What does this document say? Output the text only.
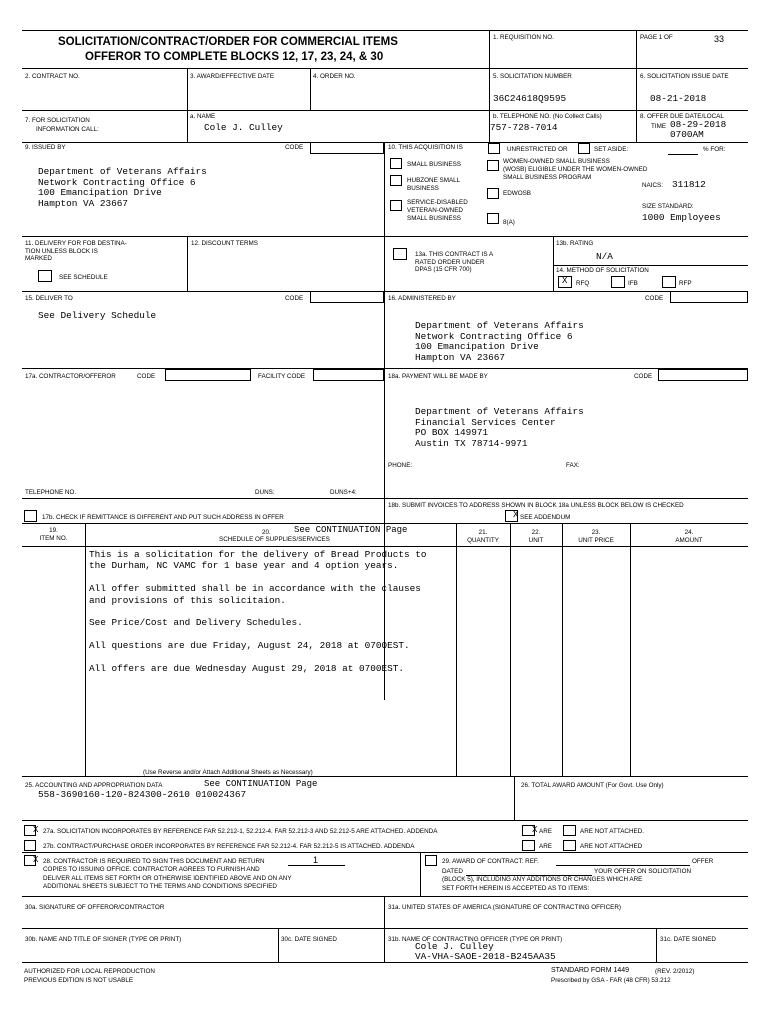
SOLICITATION/CONTRACT/ORDER FOR COMMERCIAL ITEMS
OFFEROR TO COMPLETE BLOCKS 12, 17, 23, 24, & 30
1. REQUISITION NO.	PAGE 1 OF	33
2. CONTRACT NO.	3. AWARD/EFFECTIVE DATE	4. ORDER NO.	5. SOLICITATION NUMBER
36C24618Q9595
6. SOLICITATION ISSUE DATE
08-21-2018
7. FOR SOLICITATION
INFORMATION CALL:
a. NAME
Cole J. Culley
b. TELEPHONE NO. (No Collect Calls)
757-728-7014
8. OFFER DUE DATE/LOCAL
TIME 08-29-2018
0700AM
9. ISSUED BY	CODE
Department of Veterans Affairs
Network Contracting Office 6
100 Emancipation Drive
Hampton VA 23667
10. THIS ACQUISITION IS	UNRESTRICTED OR	SET ASIDE:	% FOR:
SMALL BUSINESS
HUBZONE SMALL
BUSINESS
SERVICE-DISABLED
VETERAN-OWNED
SMALL BUSINESS
WOMEN-OWNED SMALL BUSINESS
(WOSB) ELIGIBLE UNDER THE WOMEN-OWNED
SMALL BUSINESS PROGRAM
EDWOSB
8(A)
NAICS: 311812
SIZE STANDARD:
1000 Employees
11. DELIVERY FOR FOB DESTINA-
TION UNLESS BLOCK IS
MARKED
SEE SCHEDULE
12. DISCOUNT TERMS
13a. THIS CONTRACT IS A
RATED ORDER UNDER
DPAS (15 CFR 700)
13b. RATING
N/A
14. METHOD OF SOLICITATION
X RFQ	IFB	RFP
15. DELIVER TO	CODE
See Delivery Schedule
16. ADMINISTERED BY	CODE
Department of Veterans Affairs
Network Contracting Office 6
100 Emancipation Drive
Hampton VA 23667
17a. CONTRACTOR/OFFEROR	CODE	FACILITY CODE	18a. PAYMENT WILL BE MADE BY	CODE
Department of Veterans Affairs
Financial Services Center
PO BOX 149971
Austin TX 78714-9971
PHONE:	FAX:
TELEPHONE NO.	DUNS:	DUNS+4:
18b. SUBMIT INVOICES TO ADDRESS SHOWN IN BLOCK 18a UNLESS BLOCK BELOW IS CHECKED
17b. CHECK IF REMITTANCE IS DIFFERENT AND PUT SUCH ADDRESS IN OFFER	X SEE ADDENDUM
19.
ITEM NO.
20.	See CONTINUATION Page
SCHEDULE OF SUPPLIES/SERVICES
21.
QUANTITY
22.
UNIT
23.
UNIT PRICE
24.
AMOUNT
This is a solicitation for the delivery of Bread Products to
the Durham, NC VAMC for 1 base year and 4 option years.
All offer submitted shall be in accordance with the clauses
and provisions of this solicitaion.
See Price/Cost and Delivery Schedules.
All questions are due Friday, August 24, 2018 at 0700EST.
All offers are due Wednesday August 29, 2018 at 0700EST.
(Use Reverse and/or Attach Additional Sheets as Necessary)
25. ACCOUNTING AND APPROPRIATION DATA	See CONTINUATION Page
558-3690160-120-824300-2610 010024367
26. TOTAL AWARD AMOUNT (For Govt. Use Only)
X 27a. SOLICITATION INCORPORATES BY REFERENCE FAR 52.212-1, 52.212-4. FAR 52.212-3 AND 52.212-5 ARE ATTACHED. ADDENDA	X ARE	ARE NOT ATTACHED.
27b. CONTRACT/PURCHASE ORDER INCORPORATES BY REFERENCE FAR 52.212-4. FAR 52.212-5 IS ATTACHED. ADDENDA	ARE	ARE NOT ATTACHED
X 28. CONTRACTOR IS REQUIRED TO SIGN THIS DOCUMENT AND RETURN	1
COPIES TO ISSUING OFFICE. CONTRACTOR AGREES TO FURNISH AND
DELIVER ALL ITEMS SET FORTH OR OTHERWISE IDENTIFIED ABOVE AND ON ANY
ADDITIONAL SHEETS SUBJECT TO THE TERMS AND CONDITIONS SPECIFIED
29. AWARD OF CONTRACT: REF.	OFFER
DATED	YOUR OFFER ON SOLICITATION
(BLOCK 5), INCLUDING ANY ADDITIONS OR CHANGES WHICH ARE
SET FORTH HEREIN IS ACCEPTED AS TO ITEMS:
30a. SIGNATURE OF OFFEROR/CONTRACTOR	31a. UNITED STATES OF AMERICA (SIGNATURE OF CONTRACTING OFFICER)
30b. NAME AND TITLE OF SIGNER (TYPE OR PRINT)	30c. DATE SIGNED	31b. NAME OF CONTRACTING OFFICER (TYPE OR PRINT)	31c. DATE SIGNED
Cole J. Culley
VA-VHA-SAOE-2018-B245AA35
AUTHORIZED FOR LOCAL REPRODUCTION
PREVIOUS EDITION IS NOT USABLE
STANDARD FORM 1449	(REV. 2/2012)
Prescribed by GSA - FAR (48 CFR) 53.212
